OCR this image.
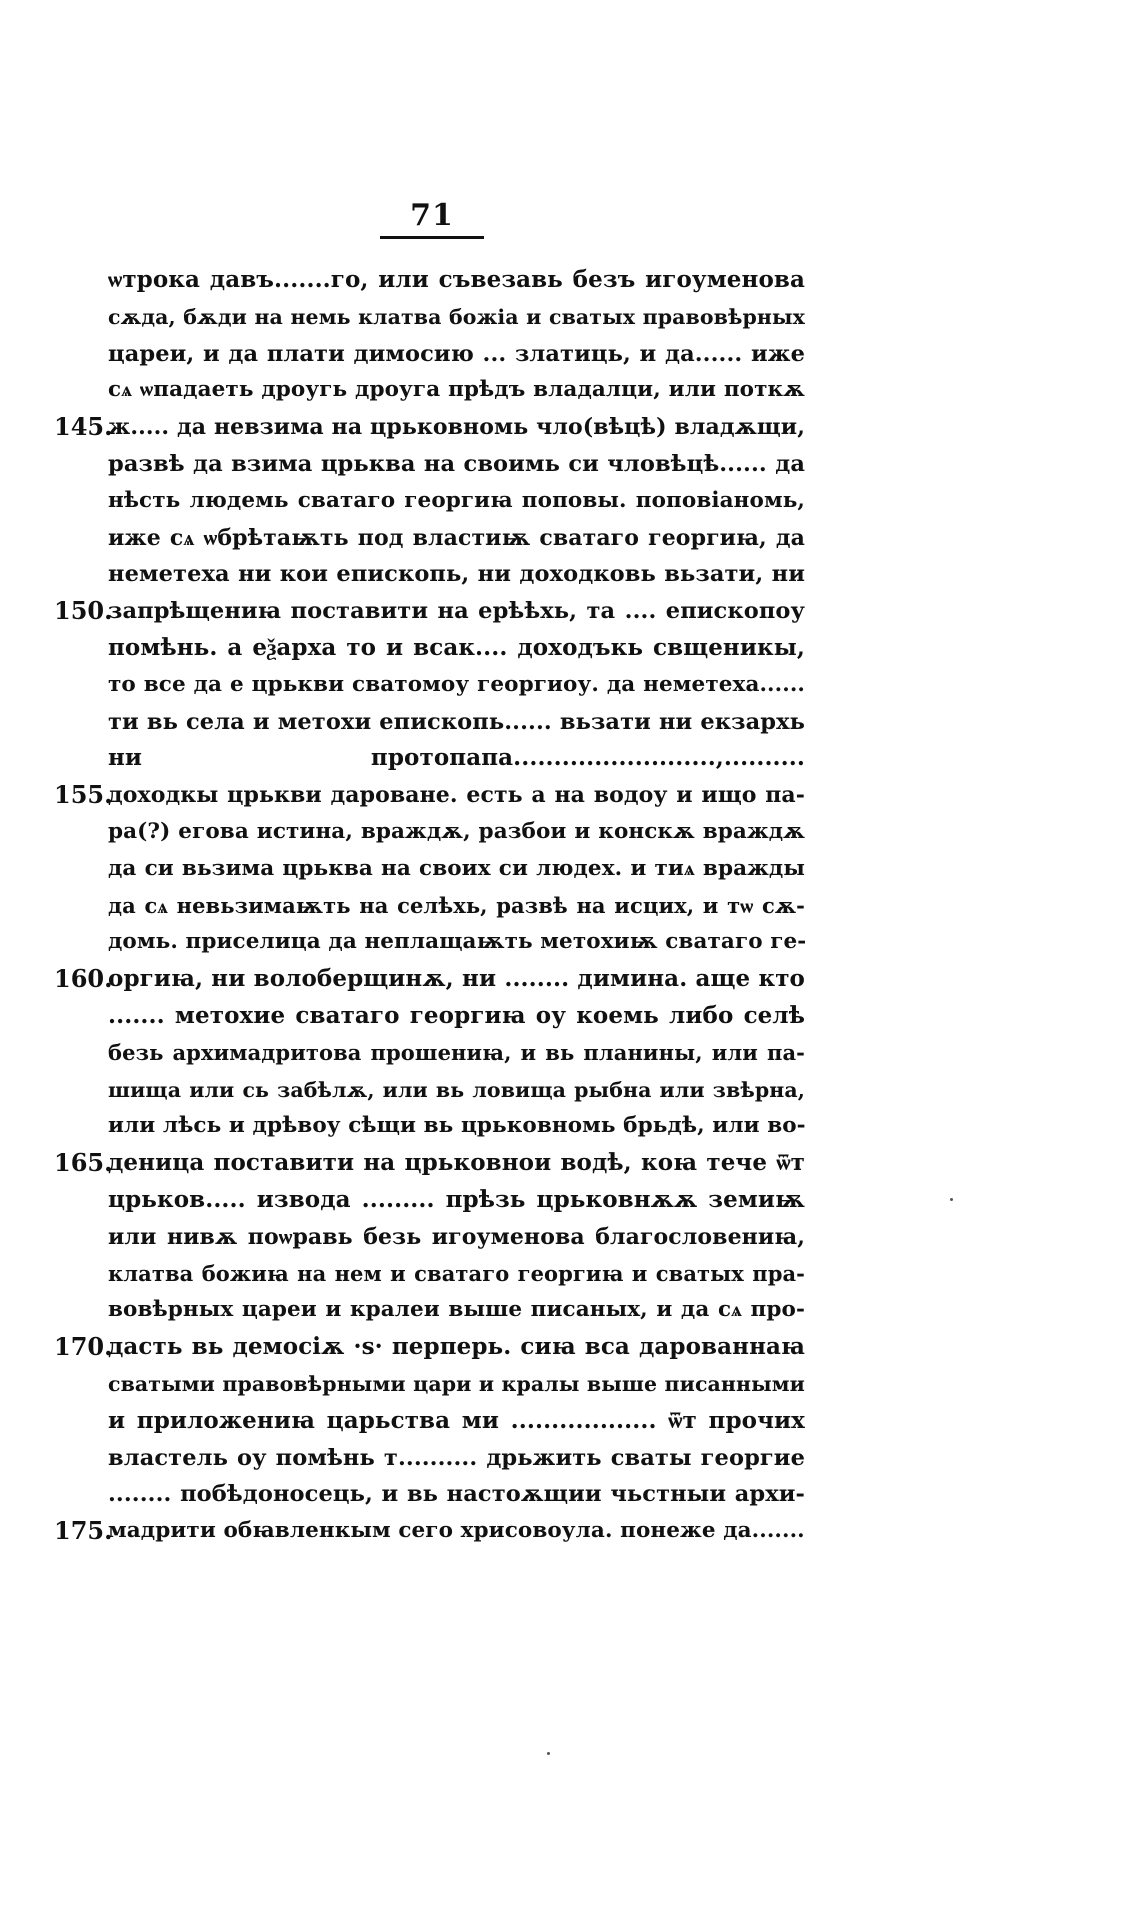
71
ѡтрока давъ.......го, или съвезавь безъ игоуменова
сѫда, бѫди на немь клатва божіа и сватых правовѣрных
цареи, и да плати димосию ... златиць, и да...... иже
сѧ ѡпадаеть дроугь дроуга прѣдъ владалци, или поткѫ
145.
ж..... да невзима на црьковномь чло(вѣцѣ) владѫщи,
развѣ да взима црьква на своимь си чловѣцѣ...... да
нѣсть людемь сватаго георгиꙗ поповы. поповіаномь,
иже сѧ ѡбрѣтаѭть под властиѭ сватаго георгиꙗ, да
неметеха ни кои епископь, ни доходковь вьзати, ни
150.
запрѣщениꙗ поставити на ерѣѣхь, та .... епископоу
помѣнь. а еѯарха то и всак.... доходъкь свщеникы,
то все да е црькви сватомоу георгиоу. да неметеха......
ти вь села и метохи епископь...... вьзати ни екзархь
ни протопапа.........................,..........
155.
доходкы црькви дароване. есть а на водоу и ищо па-
ра(?) егова истина, враждѫ, разбои и конскѫ враждѫ
да си вьзима црьква на своих си людех. и тиѧ вражды
да сѧ невьзимаѭть на селѣхь, развѣ на исцих, и тѡ сѫ-
домь. приселица да неплащаѭть метохиѭ сватаго ге-
160.
оргиꙗ, ни волоберщинѫ, ни ........ димина. аще кто
....... метохие сватаго георгиꙗ оу коемь либо селѣ
безь архимадритова прошениꙗ, и вь планины, или па-
шища или сь забѣлѫ, или вь ловища рыбна или звѣрна,
или лѣсь и дрѣвоу сѣщи вь црьковномь брьдѣ, или во-
165.
деница поставити на црьковнои водѣ, коꙗ тече ѿт
црьков..... извода ......... прѣзь црьковнѫѫ земиѭ
или нивѫ поѡравь безь игоуменова благословениꙗ,
клатва божиꙗ на нем и сватаго георгиꙗ и сватых пра-
вовѣрных цареи и кралеи выше писаных, и да сѧ про-
170.
дасть вь демосіѫ ·s· перперь. сиꙗ вса дарованнаꙗ
сватыми правовѣрными цари и кралы выше писанными
и приложениꙗ царьства ми .................. ѿт прочих
властель оу помѣнь т.......... дрьжить сваты георгие
........ побѣдоносець, и вь настоѫщии чьстныи архи-
175.
мадрити обꙗвленкым сего хрисовоула. понеже да.......
